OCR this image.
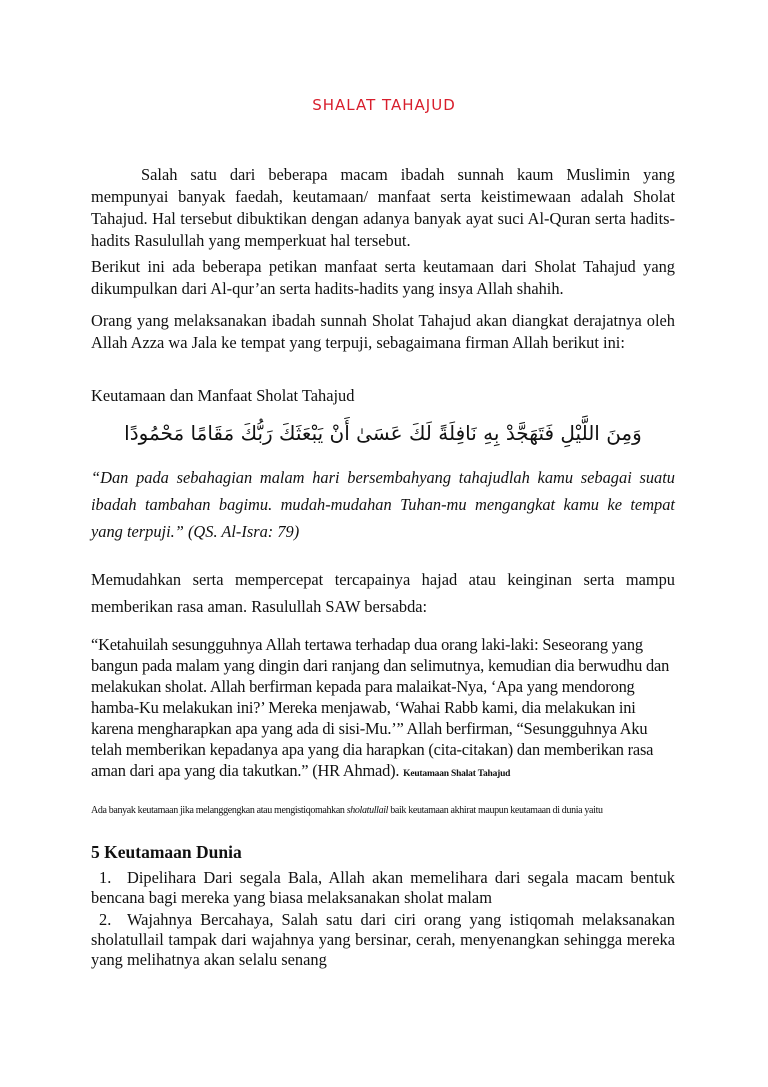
SHALAT TAHAJUD

Salah satu dari beberapa macam ibadah sunnah kaum Muslimin yang mempunyai banyak faedah, keutamaan/ manfaat serta keistimewaan adalah Sholat Tahajud. Hal tersebut dibuktikan dengan adanya banyak ayat suci Al-Quran serta hadits-hadits Rasulullah yang memperkuat hal tersebut.

Berikut ini ada beberapa petikan manfaat serta keutamaan dari Sholat Tahajud yang dikumpulkan dari Al-qur’an serta hadits-hadits yang insya Allah shahih.

Orang yang melaksanakan ibadah sunnah Sholat Tahajud akan diangkat derajatnya oleh Allah Azza wa Jala ke tempat yang terpuji, sebagaimana firman Allah berikut ini:

Keutamaan dan Manfaat Sholat Tahajud

وَمِنَ اللَّيْلِ فَتَهَجَّدْ بِهِ نَافِلَةً لَكَ عَسَىٰ أَنْ يَبْعَثَكَ رَبُّكَ مَقَامًا مَحْمُودًا

“Dan pada sebahagian malam hari bersembahyang tahajudlah kamu sebagai suatu ibadah tambahan bagimu. mudah-mudahan Tuhan-mu mengangkat kamu ke tempat yang terpuji.” (QS. Al-Isra: 79)

Memudahkan serta mempercepat tercapainya hajad atau keinginan serta mampu memberikan rasa aman. Rasulullah SAW bersabda:

“Ketahuilah sesungguhnya Allah tertawa terhadap dua orang laki-laki: Seseorang yang bangun pada malam yang dingin dari ranjang dan selimutnya, kemudian dia berwudhu dan melakukan sholat. Allah berfirman kepada para malaikat-Nya, ‘Apa yang mendorong hamba-Ku melakukan ini?’ Mereka menjawab, ‘Wahai Rabb kami, dia melakukan ini karena mengharapkan apa yang ada di sisi-Mu.’” Allah berfirman, “Sesungguhnya Aku telah memberikan kepadanya apa yang dia harapkan (cita-citakan) dan memberikan rasa aman dari apa yang dia takutkan.” (HR Ahmad). Keutamaan Shalat Tahajud

Ada banyak keutamaan jika melanggengkan atau mengistiqomahkan sholatullail baik keutamaan akhirat maupun keutamaan di dunia yaitu

5 Keutamaan Dunia

1. Dipelihara Dari segala Bala, Allah akan memelihara dari segala macam bentuk bencana bagi mereka yang biasa melaksanakan sholat malam

2. Wajahnya Bercahaya, Salah satu dari ciri orang yang istiqomah melaksanakan sholatullail tampak dari wajahnya yang bersinar, cerah, menyenangkan sehingga mereka yang melihatnya akan selalu senang
